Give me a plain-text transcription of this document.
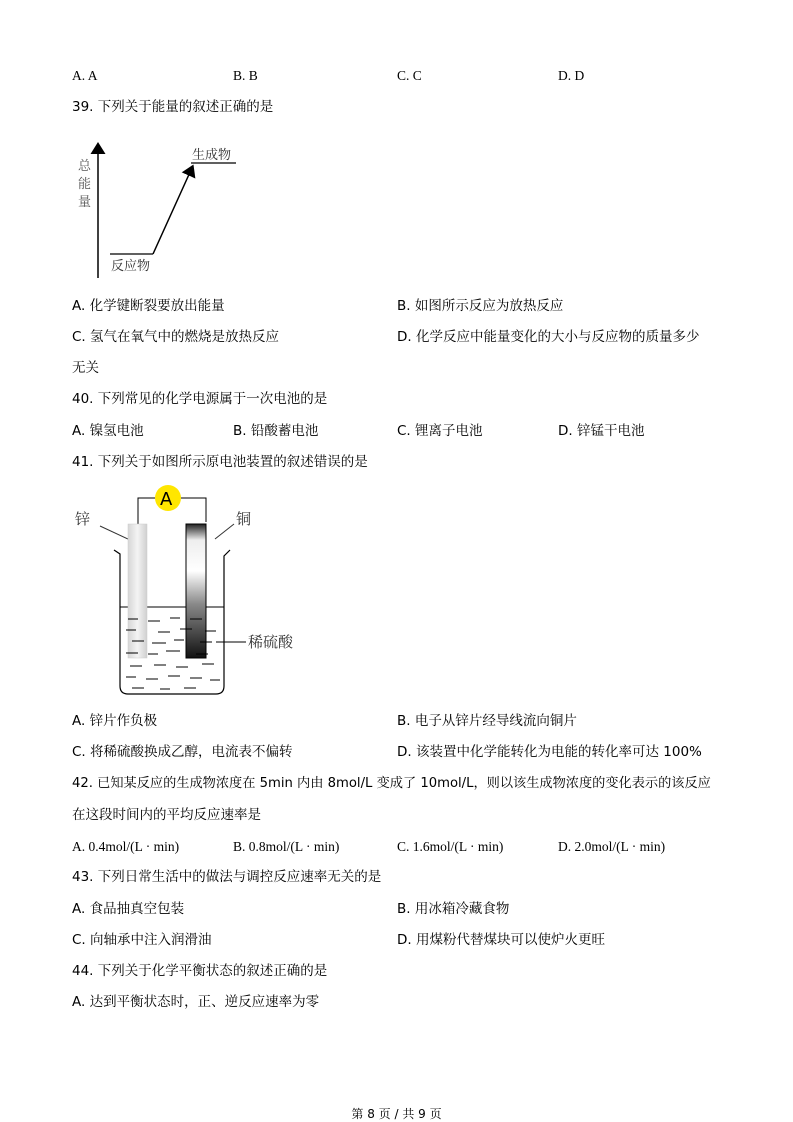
A. A	B. B	C. C	D. D
39. 下列关于能量的叙述正确的是
总
能
量
生成物
反应物
A. 化学键断裂要放出能量	B. 如图所示反应为放热反应
C. 氢气在氧气中的燃烧是放热反应	D. 化学反应中能量变化的大小与反应物的质量多少
无关
40. 下列常见的化学电源属于一次电池的是
A. 镍氢电池	B. 铅酸蓄电池	C. 锂离子电池	D. 锌锰干电池
41. 下列关于如图所示原电池装置的叙述错误的是
A
锌	铜
稀硫酸
A. 锌片作负极	B. 电子从锌片经导线流向铜片
C. 将稀硫酸换成乙醇，电流表不偏转	D. 该装置中化学能转化为电能的转化率可达 100%
42. 已知某反应的生成物浓度在 5min 内由 8mol/L 变成了 10mol/L，则以该生成物浓度的变化表示的该反应
在这段时间内的平均反应速率是
A. 0.4mol/(L · min)	B. 0.8mol/(L · min)	C. 1.6mol/(L · min)	D. 2.0mol/(L · min)
43. 下列日常生活中的做法与调控反应速率无关的是
A. 食品抽真空包装	B. 用冰箱冷藏食物
C. 向轴承中注入润滑油	D. 用煤粉代替煤块可以使炉火更旺
44. 下列关于化学平衡状态的叙述正确的是
A. 达到平衡状态时，正、逆反应速率为零
第 8 页 / 共 9 页
